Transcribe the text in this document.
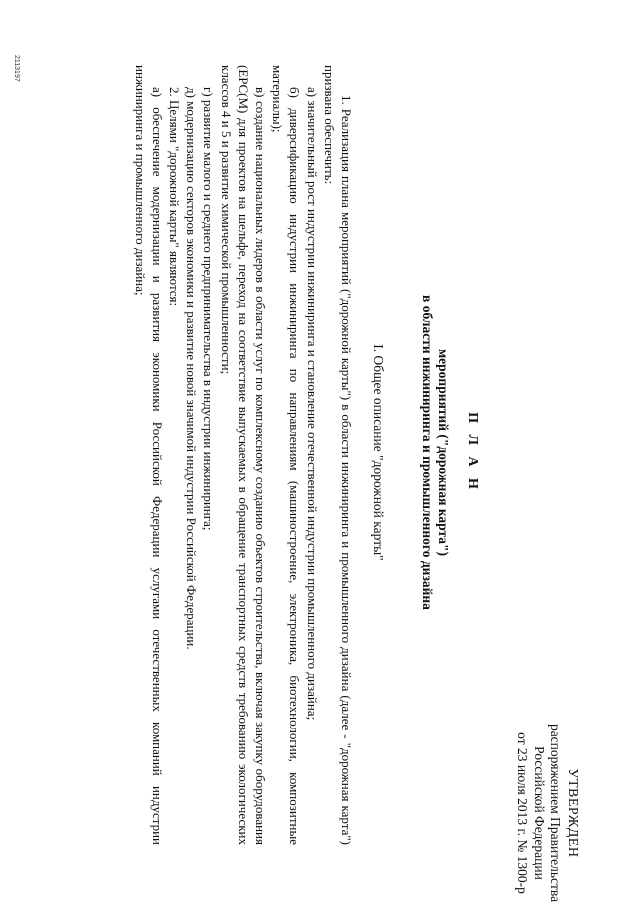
УТВЕРЖДЕН
распоряжением Правительства
Российской Федерации
от 23 июля 2013 г. № 1300-р
П Л А Н
мероприятий ("дорожная карта")
в области инжиниринга и промышленного дизайна
I. Общее описание "дорожной карты"

1. Реализация плана мероприятий ("дорожной карты") в области инжиниринга и промышленного дизайна (далее - "дорожная карта") призвана обеспечить:

а) значительный рост индустрии инжиниринга и становление отечественной индустрии промышленного дизайна;

б) диверсификацию индустрии инжиниринга по направлениям (машиностроение, электроника, биотехнологии, композитные материалы);

в) создание национальных лидеров в области услуг по комплексному созданию объектов строительства, включая закупку оборудования (EPC(M) для проектов на шельфе, переход на соответствие выпускаемых в обращение транспортных средств требованию экологических классов 4 и 5 и развитие химической промышленности;

г) развитие малого и среднего предпринимательства в индустрии инжиниринга;

д) модернизацию секторов экономики и развитие новой значимой индустрии Российской Федерации.

2. Целями "дорожной карты" являются:

а) обеспечение модернизации и развития экономики Российской Федерации услугами отечественных компаний индустрии инжиниринга и промышленного дизайна;

2113197
